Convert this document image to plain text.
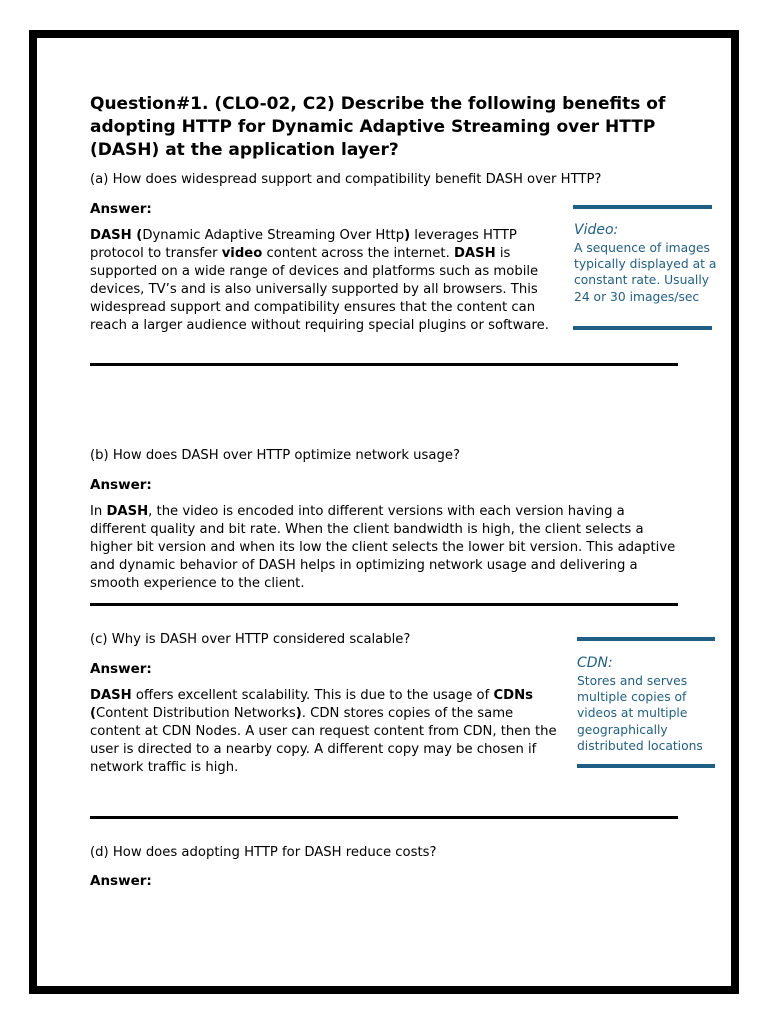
Question#1. (CLO-02, C2) Describe the following benefits of adopting HTTP for Dynamic Adaptive Streaming over HTTP (DASH) at the application layer?
(a) How does widespread support and compatibility benefit DASH over HTTP?
Answer:
DASH (Dynamic Adaptive Streaming Over Http) leverages HTTP protocol to transfer video content across the internet. DASH is supported on a wide range of devices and platforms such as mobile devices, TV’s and is also universally supported by all browsers. This widespread support and compatibility ensures that the content can reach a larger audience without requiring special plugins or software.
Video:
A sequence of images typically displayed at a constant rate. Usually 24 or 30 images/sec
(b) How does DASH over HTTP optimize network usage?
Answer:
In DASH, the video is encoded into different versions with each version having a different quality and bit rate. When the client bandwidth is high, the client selects a higher bit version and when its low the client selects the lower bit version. This adaptive and dynamic behavior of DASH helps in optimizing network usage and delivering a smooth experience to the client.
(c) Why is DASH over HTTP considered scalable?
Answer:
DASH offers excellent scalability. This is due to the usage of CDNs (Content Distribution Networks). CDN stores copies of the same content at CDN Nodes. A user can request content from CDN, then the user is directed to a nearby copy. A different copy may be chosen if network traffic is high.
CDN:
Stores and serves multiple copies of videos at multiple geographically distributed locations
(d) How does adopting HTTP for DASH reduce costs?
Answer:
